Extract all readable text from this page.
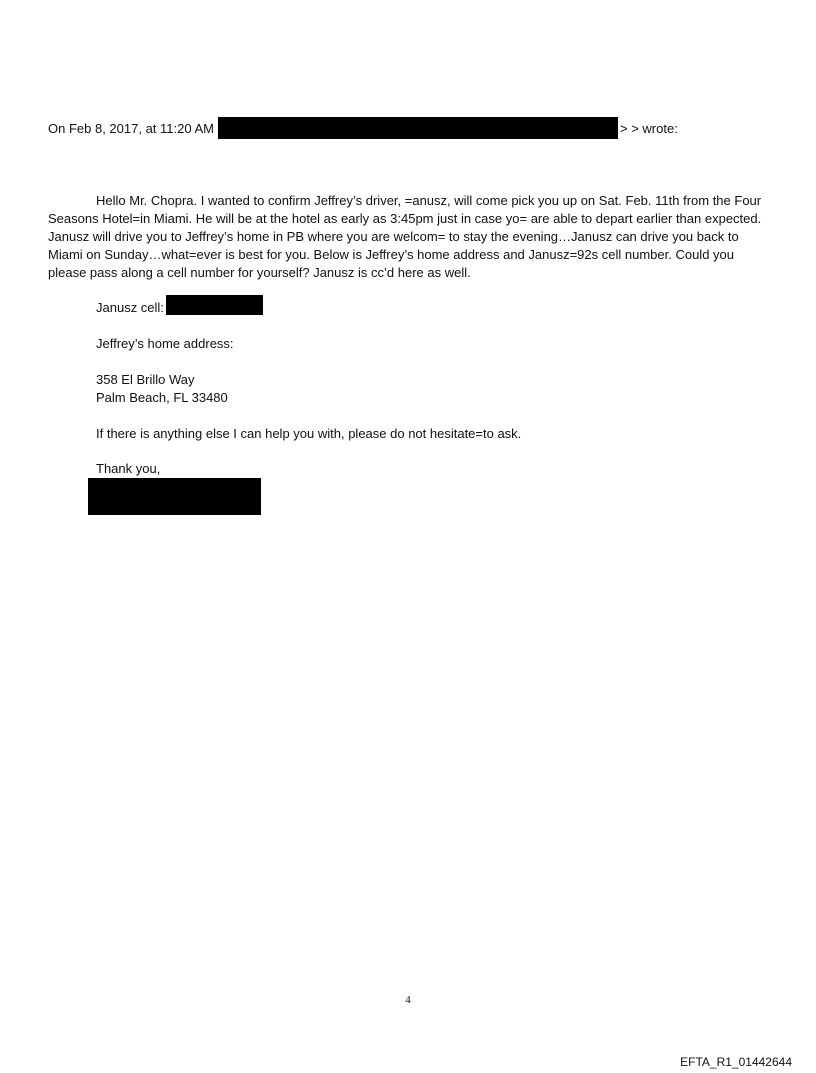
On Feb 8, 2017, at 11:20 AM	> > wrote:
Hello Mr. Chopra. I wanted to confirm Jeffrey’s driver, =anusz, will come pick you up on Sat. Feb. 11th from the Four Seasons Hotel=in Miami. He will be at the hotel as early as 3:45pm just in case yo= are able to depart earlier than expected. Janusz will drive you to Jeffrey’s home in PB where you are welcom= to stay the evening…Janusz can drive you back to Miami on Sunday…what=ever is best for you. Below is Jeffrey’s home address and Janusz=92s cell number. Could you please pass along a cell number for yourself? Janusz is cc’d here as well.
Janusz cell:
Jeffrey’s home address:
358 El Brillo Way
Palm Beach, FL 33480
If there is anything else I can help you with, please do not hesitate=to ask.
Thank you,
4
EFTA_R1_01442644
